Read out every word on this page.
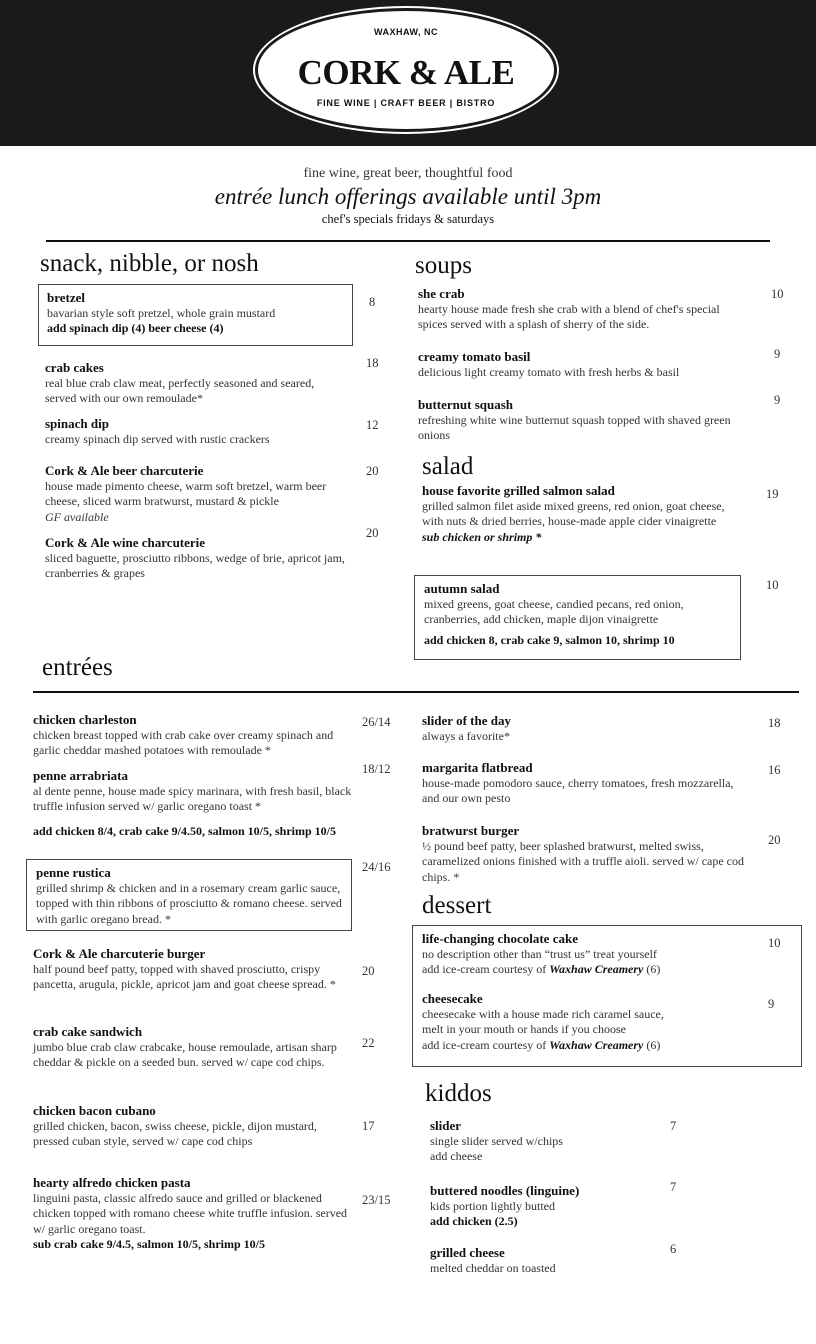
WAXHAW, NC
CORK & ALE
FINE WINE | CRAFT BEER | BISTRO
fine wine, great beer, thoughtful food
entrée lunch offerings available until 3pm
chef's specials fridays & saturdays
snack, nibble, or nosh
bretzel
bavarian style soft pretzel, whole grain mustard
add spinach dip (4) beer cheese (4)
8
crab cakes
real blue crab claw meat, perfectly seasoned and seared, served with our own remoulade*
18
spinach dip
creamy spinach dip served with rustic crackers
12
Cork & Ale beer charcuterie
house made pimento cheese, warm soft bretzel, warm beer cheese, sliced warm bratwurst, mustard & pickle
GF available
20
Cork & Ale wine charcuterie
sliced baguette, prosciutto ribbons, wedge of brie, apricot jam,
cranberries & grapes
20
soups
she crab
hearty house made fresh she crab with a blend of chef's special spices served with a splash of sherry of the side.
10
creamy tomato basil
delicious light creamy tomato with fresh herbs & basil
9
butternut squash
refreshing white wine butternut squash topped with shaved green onions
9
salad
house favorite grilled salmon salad
grilled salmon filet aside mixed greens, red onion, goat cheese, with nuts & dried berries, house-made apple cider vinaigrette
sub chicken or shrimp *
19
autumn salad
mixed greens, goat cheese, candied pecans, red onion, cranberries, add chicken, maple dijon vinaigrette
add chicken 8, crab cake 9, salmon 10, shrimp 10
10
entrées
chicken charleston
chicken breast topped with crab cake over creamy spinach and garlic cheddar mashed potatoes with remoulade *
26/14
penne arrabriata
al dente penne, house made spicy marinara, with fresh basil, black truffle infusion served w/ garlic oregano toast *
18/12
add chicken 8/4, crab cake 9/4.50, salmon 10/5, shrimp 10/5
penne rustica
grilled shrimp & chicken and in a rosemary cream garlic sauce, topped with thin ribbons of prosciutto & romano cheese. served with garlic oregano bread. *
24/16
Cork & Ale charcuterie burger
half pound beef patty, topped with shaved prosciutto, crispy pancetta, arugula, pickle, apricot jam and goat cheese spread. *
20
crab cake sandwich
jumbo blue crab claw crabcake, house remoulade, artisan sharp cheddar & pickle on a seeded bun. served w/ cape cod chips.
22
chicken bacon cubano
grilled chicken, bacon, swiss cheese, pickle, dijon mustard, pressed cuban style, served w/ cape cod chips
17
hearty alfredo chicken pasta
linguini pasta, classic alfredo sauce and grilled or blackened chicken topped with romano cheese white truffle infusion. served w/ garlic oregano toast.
sub crab cake 9/4.5, salmon 10/5, shrimp 10/5
23/15
slider of the day
always a favorite*
18
margarita flatbread
house-made pomodoro sauce, cherry tomatoes, fresh mozzarella, and our own pesto
16
bratwurst burger
½ pound beef patty, beer splashed bratwurst, melted swiss, caramelized onions finished with a truffle aioli. served w/ cape cod chips. *
20
dessert
life-changing chocolate cake
no description other than “trust us” treat yourself
add ice-cream courtesy of Waxhaw Creamery (6)
10
cheesecake
cheesecake with a house made rich caramel sauce,
melt in your mouth or hands if you choose
add ice-cream courtesy of Waxhaw Creamery (6)
9
kiddos
slider
single slider served w/chips
add cheese
7
buttered noodles (linguine)
kids portion lightly butted
add chicken (2.5)
7
grilled cheese
melted cheddar on toasted
6
